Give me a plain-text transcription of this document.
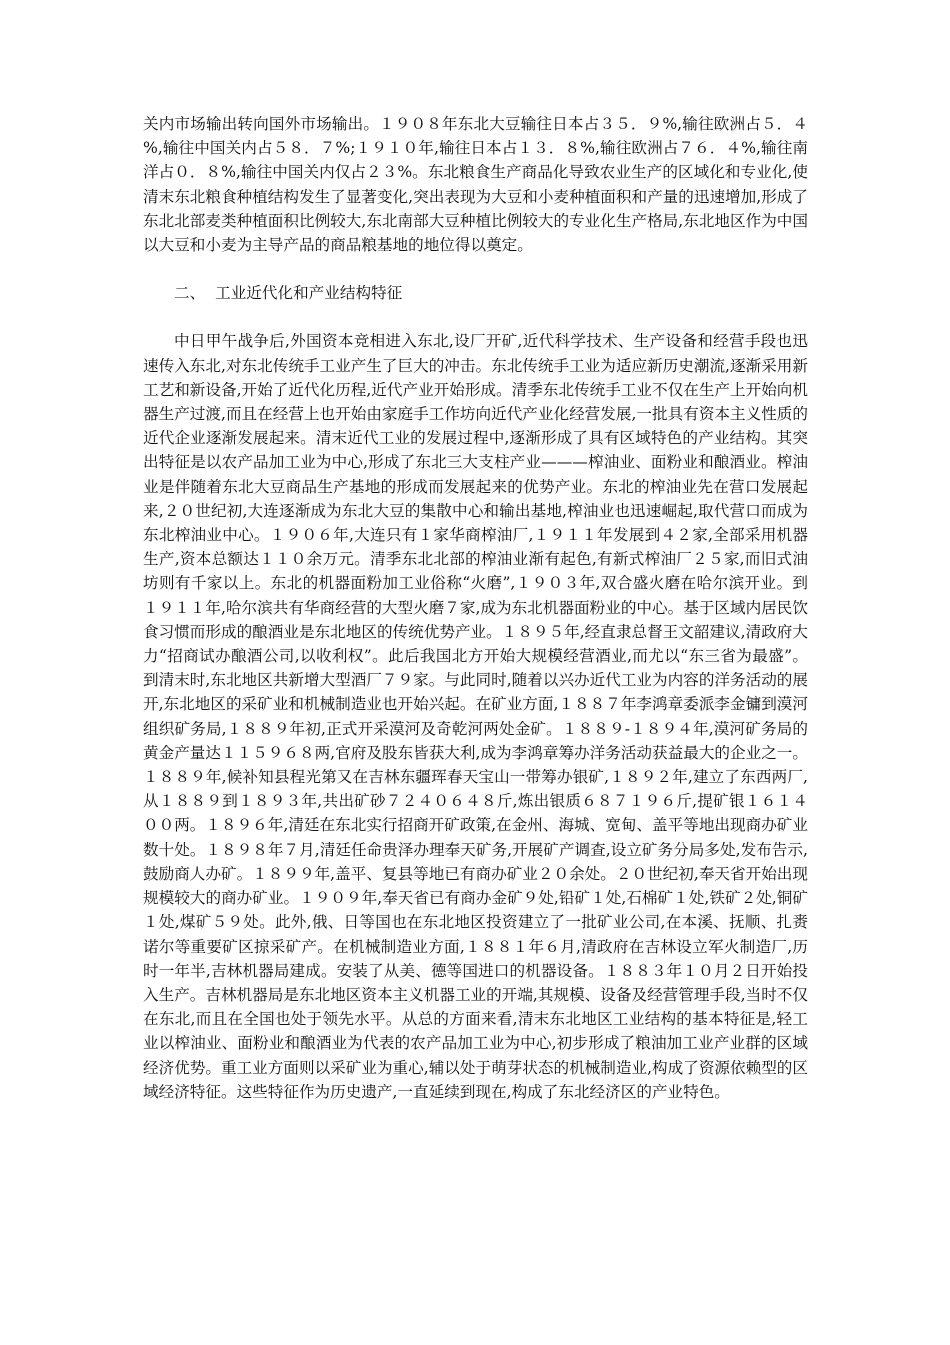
关内市场输出转向国外市场输出。１９０８年东北大豆输往日本占３５．９%,输往欧洲占５．４%,输往中国关内占５８．７%;１９１０年,输往日本占１３．８%,输往欧洲占７６．４%,输往南洋占０．８%,输往中国关内仅占２３%。东北粮食生产商品化导致农业生产的区域化和专业化,使清末东北粮食种植结构发生了显著变化,突出表现为大豆和小麦种植面积和产量的迅速增加,形成了东北北部麦类种植面积比例较大,东北南部大豆种植比例较大的专业化生产格局,东北地区作为中国以大豆和小麦为主导产品的商品粮基地的地位得以奠定。

二、  工业近代化和产业结构特征

中日甲午战争后,外国资本竞相进入东北,设厂开矿,近代科学技术、生产设备和经营手段也迅速传入东北,对东北传统手工业产生了巨大的冲击。东北传统手工业为适应新历史潮流,逐渐采用新工艺和新设备,开始了近代化历程,近代产业开始形成。清季东北传统手工业不仅在生产上开始向机器生产过渡,而且在经营上也开始由家庭手工作坊向近代产业化经营发展,一批具有资本主义性质的近代企业逐渐发展起来。清末近代工业的发展过程中,逐渐形成了具有区域特色的产业结构。其突出特征是以农产品加工业为中心,形成了东北三大支柱产业———榨油业、面粉业和酿酒业。榨油业是伴随着东北大豆商品生产基地的形成而发展起来的优势产业。东北的榨油业先在营口发展起来,２０世纪初,大连逐渐成为东北大豆的集散中心和输出基地,榨油业也迅速崛起,取代营口而成为东北榨油业中心。１９０６年,大连只有１家华商榨油厂,１９１１年发展到４２家,全部采用机器生产,资本总额达１１０余万元。清季东北北部的榨油业渐有起色,有新式榨油厂２５家,而旧式油坊则有千家以上。东北的机器面粉加工业俗称“火磨”,１９０３年,双合盛火磨在哈尔滨开业。到１９１１年,哈尔滨共有华商经营的大型火磨７家,成为东北机器面粉业的中心。基于区域内居民饮食习惯而形成的酿酒业是东北地区的传统优势产业。１８９５年,经直隶总督王文韶建议,清政府大力“招商试办酿酒公司,以收利权”。此后我国北方开始大规模经营酒业,而尤以“东三省为最盛”。到清末时,东北地区共新增大型酒厂７９家。与此同时,随着以兴办近代工业为内容的洋务活动的展开,东北地区的采矿业和机械制造业也开始兴起。在矿业方面,１８８７年李鸿章委派李金镛到漠河组织矿务局,１８８９年初,正式开采漠河及奇乾河两处金矿。１８８９-１８９４年,漠河矿务局的黄金产量达１１５９６８两,官府及股东皆获大利,成为李鸿章筹办洋务活动获益最大的企业之一。１８８９年,候补知县程光第又在吉林东疆珲春天宝山一带筹办银矿,１８９２年,建立了东西两厂,从１８８９到１８９３年,共出矿砂７２４０６４８斤,炼出银质６８７１９６斤,提矿银１６１４００两。１８９６年,清廷在东北实行招商开矿政策,在金州、海城、宽甸、盖平等地出现商办矿业数十处。１８９８年７月,清廷任命贵泽办理奉天矿务,开展矿产调查,设立矿务分局多处,发布告示,鼓励商人办矿。１８９９年,盖平、复县等地已有商办矿业２０余处。２０世纪初,奉天省开始出现规模较大的商办矿业。１９０９年,奉天省已有商办金矿９处,铅矿１处,石棉矿１处,铁矿２处,铜矿１处,煤矿５９处。此外,俄、日等国也在东北地区投资建立了一批矿业公司,在本溪、抚顺、扎赉诺尔等重要矿区掠采矿产。在机械制造业方面,１８８１年６月,清政府在吉林设立军火制造厂,历时一年半,吉林机器局建成。安装了从美、德等国进口的机器设备。１８８３年１０月２日开始投入生产。吉林机器局是东北地区资本主义机器工业的开端,其规模、设备及经营管理手段,当时不仅在东北,而且在全国也处于领先水平。从总的方面来看,清末东北地区工业结构的基本特征是,轻工业以榨油业、面粉业和酿酒业为代表的农产品加工业为中心,初步形成了粮油加工业产业群的区域经济优势。重工业方面则以采矿业为重心,辅以处于萌芽状态的机械制造业,构成了资源依赖型的区域经济特征。这些特征作为历史遗产,一直延续到现在,构成了东北经济区的产业特色。
